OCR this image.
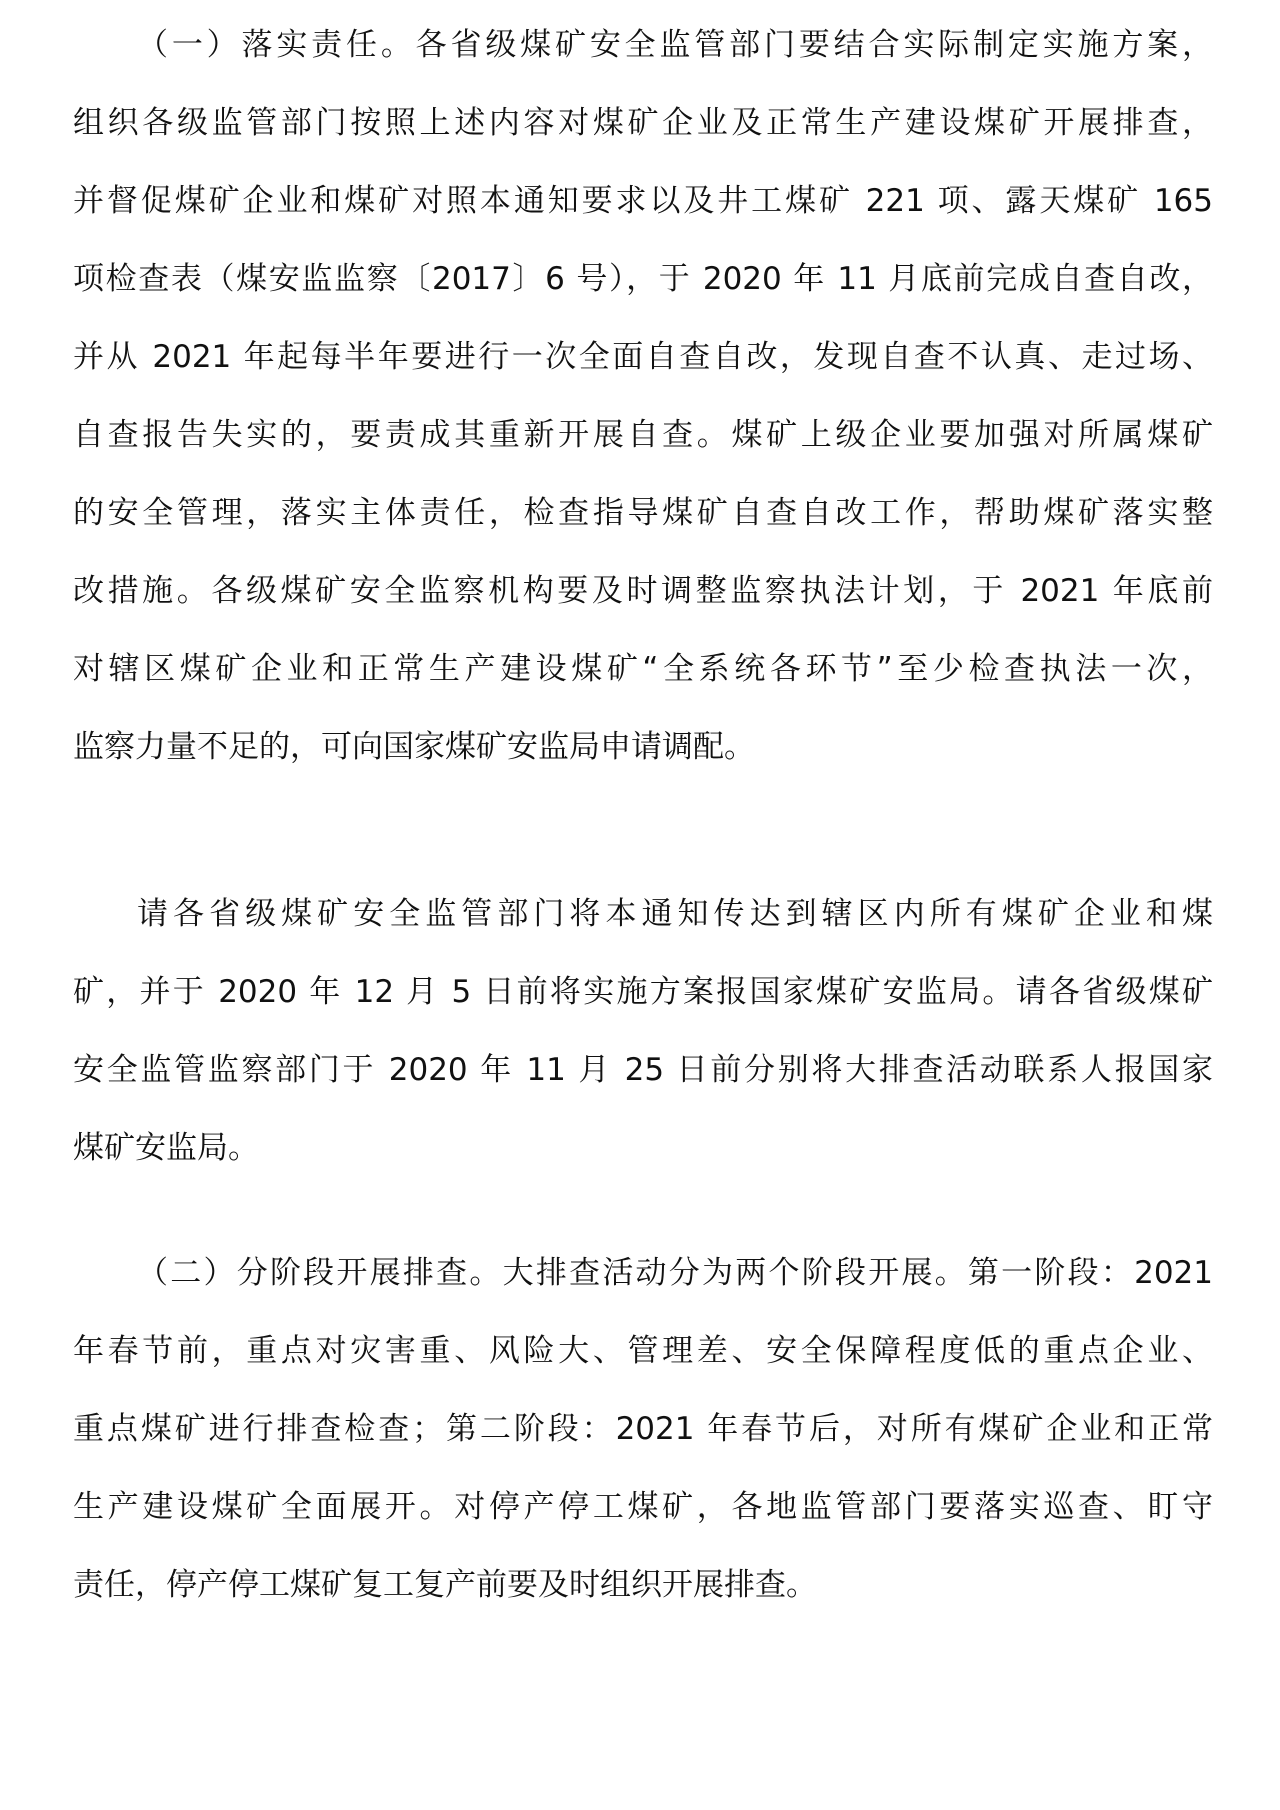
（一）落实责任。各省级煤矿安全监管部门要结合实际制定实施方案，
组织各级监管部门按照上述内容对煤矿企业及正常生产建设煤矿开展排查，
并督促煤矿企业和煤矿对照本通知要求以及井工煤矿 221 项、露天煤矿 165
项检查表（煤安监监察〔2017〕6 号），于 2020 年 11 月底前完成自查自改，
并从 2021 年起每半年要进行一次全面自查自改，发现自查不认真、走过场、
自查报告失实的，要责成其重新开展自查。煤矿上级企业要加强对所属煤矿
的安全管理，落实主体责任，检查指导煤矿自查自改工作，帮助煤矿落实整
改措施。各级煤矿安全监察机构要及时调整监察执法计划，于 2021 年底前
对辖区煤矿企业和正常生产建设煤矿“全系统各环节”至少检查执法一次，
监察力量不足的，可向国家煤矿安监局申请调配。
请各省级煤矿安全监管部门将本通知传达到辖区内所有煤矿企业和煤
矿，并于 2020 年 12 月 5 日前将实施方案报国家煤矿安监局。请各省级煤矿
安全监管监察部门于 2020 年 11 月 25 日前分别将大排查活动联系人报国家
煤矿安监局。
（二）分阶段开展排查。大排查活动分为两个阶段开展。第一阶段：2021
年春节前，重点对灾害重、风险大、管理差、安全保障程度低的重点企业、
重点煤矿进行排查检查；第二阶段：2021 年春节后，对所有煤矿企业和正常
生产建设煤矿全面展开。对停产停工煤矿，各地监管部门要落实巡查、盯守
责任，停产停工煤矿复工复产前要及时组织开展排查。
